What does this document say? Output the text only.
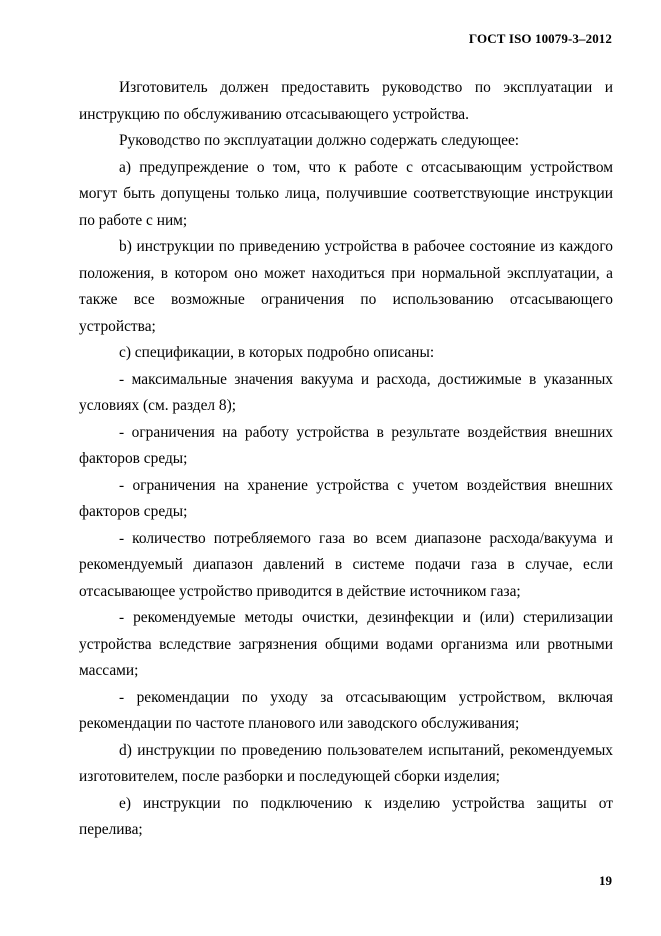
ГОСТ ISO 10079-3–2012

Изготовитель должен предоставить руководство по эксплуатации и инструкцию по обслуживанию отсасывающего устройства.

Руководство по эксплуатации должно содержать следующее:

a) предупреждение о том, что к работе с отсасывающим устройством могут быть допущены только лица, получившие соответствующие инструкции по работе с ним;

b) инструкции по приведению устройства в рабочее состояние из каждого положения, в котором оно может находиться при нормальной эксплуатации, а также все возможные ограничения по использованию отсасывающего устройства;

c) спецификации, в которых подробно описаны:

- максимальные значения вакуума и расхода, достижимые в указанных условиях (см. раздел 8);

- ограничения на работу устройства в результате воздействия внешних факторов среды;

- ограничения на хранение устройства с учетом воздействия внешних факторов среды;

- количество потребляемого газа во всем диапазоне расхода/вакуума и рекомендуемый диапазон давлений в системе подачи газа в случае, если отсасывающее устройство приводится в действие источником газа;

- рекомендуемые методы очистки, дезинфекции и (или) стерилизации устройства вследствие загрязнения общими водами организма или рвотными массами;

- рекомендации по уходу за отсасывающим устройством, включая рекомендации по частоте планового или заводского обслуживания;

d) инструкции по проведению пользователем испытаний, рекомендуемых изготовителем, после разборки и последующей сборки изделия;

e) инструкции по подключению к изделию устройства защиты от перелива;

19
